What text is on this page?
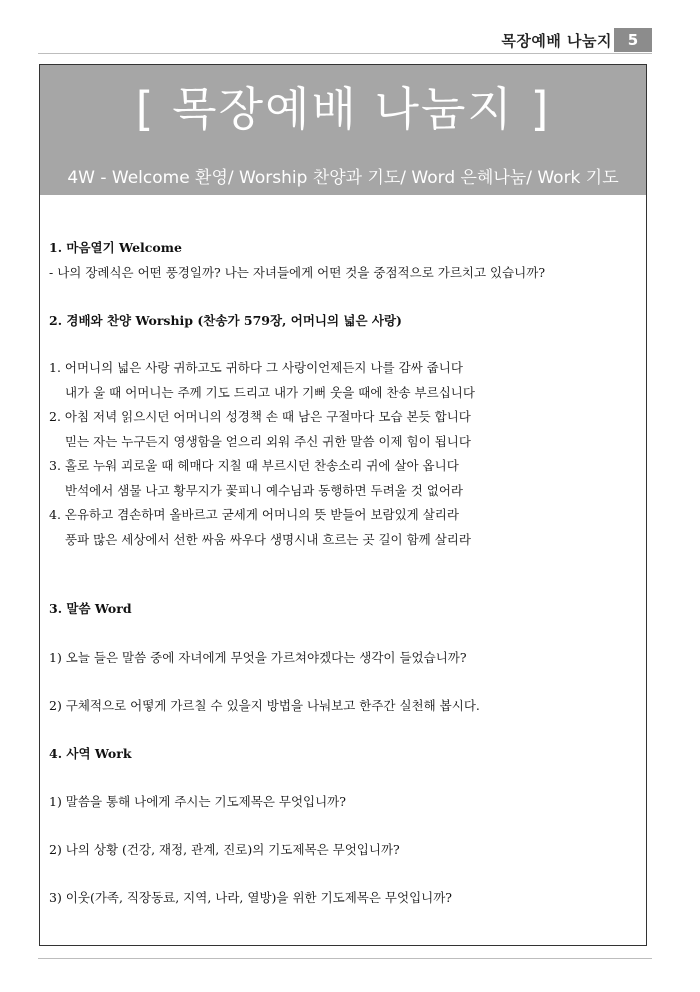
목장예배 나눔지	5
[ 목장예배 나눔지 ]
4W - Welcome 환영/ Worship 찬양과 기도/ Word 은혜나눔/ Work 기도
1. 마음열기 Welcome
- 나의 장례식은 어떤 풍경일까? 나는 자녀들에게 어떤 것을 중점적으로 가르치고 있습니까?
2. 경배와 찬양 Worship (찬송가 579장, 어머니의 넓은 사랑)
1. 어머니의 넓은 사랑 귀하고도 귀하다 그 사랑이언제든지 나를 감싸 줍니다
내가 울 때 어머니는 주께 기도 드리고 내가 기뻐 웃을 때에 찬송 부르십니다
2. 아침 저녁 읽으시던 어머니의 성경책 손 때 남은 구절마다 모습 본듯 합니다
믿는 자는 누구든지 영생함을 얻으리 외워 주신 귀한 말씀 이제 힘이 됩니다
3. 홀로 누워 괴로울 때 헤매다 지칠 때 부르시던 찬송소리 귀에 살아 옵니다
반석에서 샘물 나고 황무지가 꽃피니 예수님과 동행하면 두려울 것 없어라
4. 온유하고 겸손하며 올바르고 굳세게 어머니의 뜻 받들어 보람있게 살리라
풍파 많은 세상에서 선한 싸움 싸우다 생명시내 흐르는 곳 길이 함께 살리라
3. 말씀 Word
1) 오늘 들은 말씀 중에 자녀에게 무엇을 가르쳐야겠다는 생각이 들었습니까?
2) 구체적으로 어떻게 가르칠 수 있을지 방법을 나눠보고 한주간 실천해 봅시다.
4. 사역 Work
1) 말씀을 통해 나에게 주시는 기도제목은 무엇입니까?
2) 나의 상황 (건강, 재정, 관계, 진로)의 기도제목은 무엇입니까?
3) 이웃(가족, 직장동료, 지역, 나라, 열방)을 위한 기도제목은 무엇입니까?
